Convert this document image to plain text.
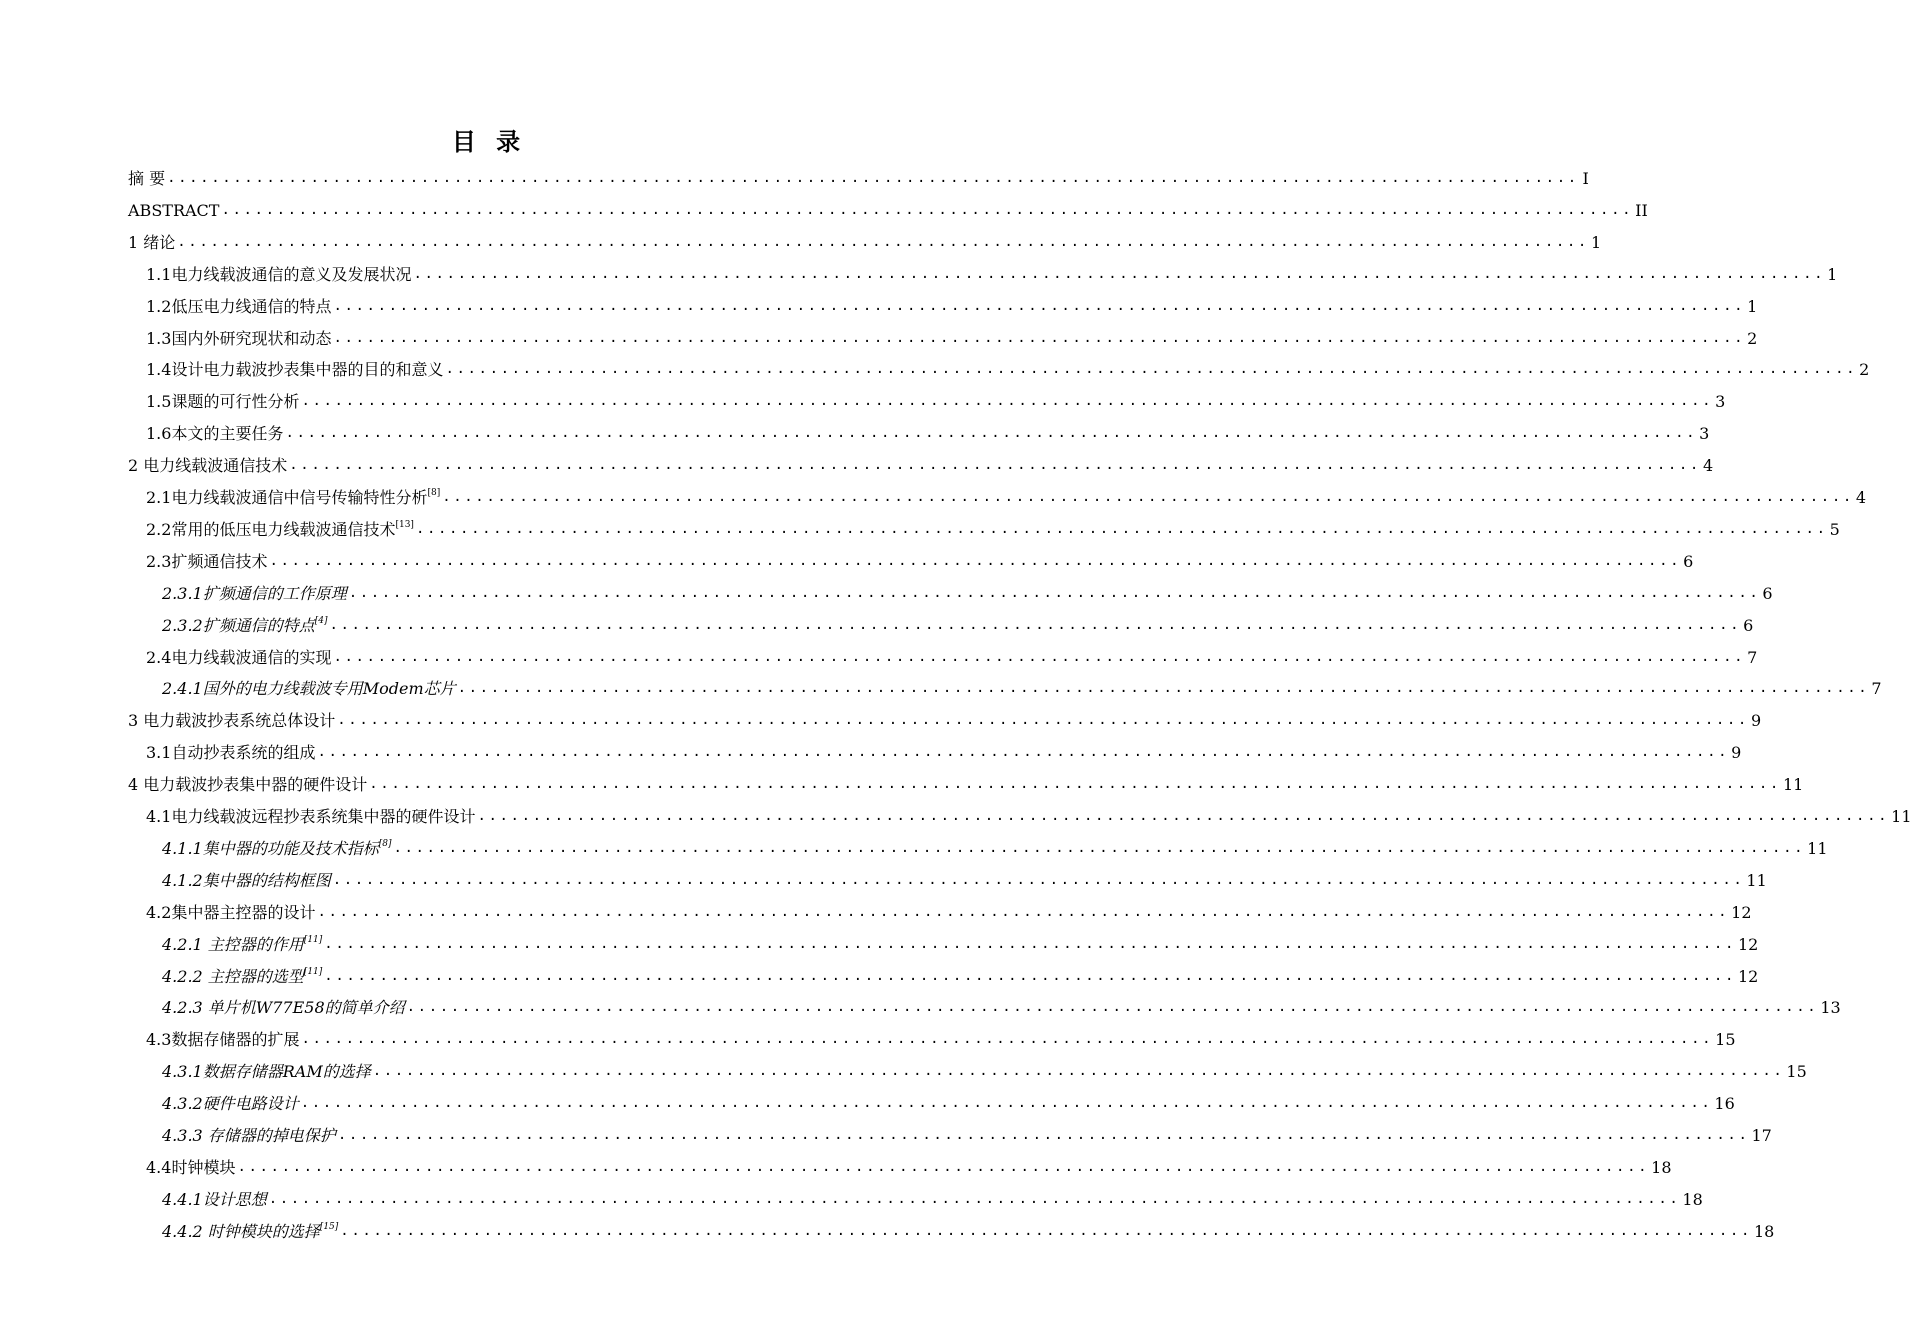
目 录
摘 要 ................................................................................................................................ I
ABSTRACT ................................................................................................................................ II
1 绪论 ................................................................................................................................ 1
1.1电力线载波通信的意义及发展状况 ................................................................................................................................ 1
1.2低压电力线通信的特点 ................................................................................................................................ 1
1.3国内外研究现状和动态 ................................................................................................................................ 2
1.4设计电力载波抄表集中器的目的和意义 ................................................................................................................................ 2
1.5课题的可行性分析 ................................................................................................................................ 3
1.6本文的主要任务 ................................................................................................................................ 3
2 电力线载波通信技术 ................................................................................................................................ 4
2.1电力线载波通信中信号传输特性分析[8] ................................................................................................................................ 4
2.2常用的低压电力线载波通信技术[13] ................................................................................................................................ 5
2.3扩频通信技术 ................................................................................................................................ 6
2.3.1扩频通信的工作原理 ................................................................................................................................ 6
2.3.2扩频通信的特点[4] ................................................................................................................................ 6
2.4电力线载波通信的实现 ................................................................................................................................ 7
2.4.1国外的电力线载波专用Modem芯片 ................................................................................................................................ 7
3 电力载波抄表系统总体设计 ................................................................................................................................ 9
3.1自动抄表系统的组成 ................................................................................................................................ 9
4 电力载波抄表集中器的硬件设计 ................................................................................................................................ 11
4.1电力线载波远程抄表系统集中器的硬件设计 ................................................................................................................................ 11
4.1.1集中器的功能及技术指标[8] ................................................................................................................................ 11
4.1.2集中器的结构框图 ................................................................................................................................ 11
4.2集中器主控器的设计 ................................................................................................................................ 12
4.2.1 主控器的作用[11] ................................................................................................................................ 12
4.2.2 主控器的选型[11] ................................................................................................................................ 12
4.2.3 单片机W77E58的简单介绍 ................................................................................................................................ 13
4.3数据存储器的扩展 ................................................................................................................................ 15
4.3.1数据存储器RAM的选择 ................................................................................................................................ 15
4.3.2硬件电路设计 ................................................................................................................................ 16
4.3.3 存储器的掉电保护 ................................................................................................................................ 17
4.4时钟模块 ................................................................................................................................ 18
4.4.1设计思想 ................................................................................................................................ 18
4.4.2 时钟模块的选择[15] ................................................................................................................................ 18
